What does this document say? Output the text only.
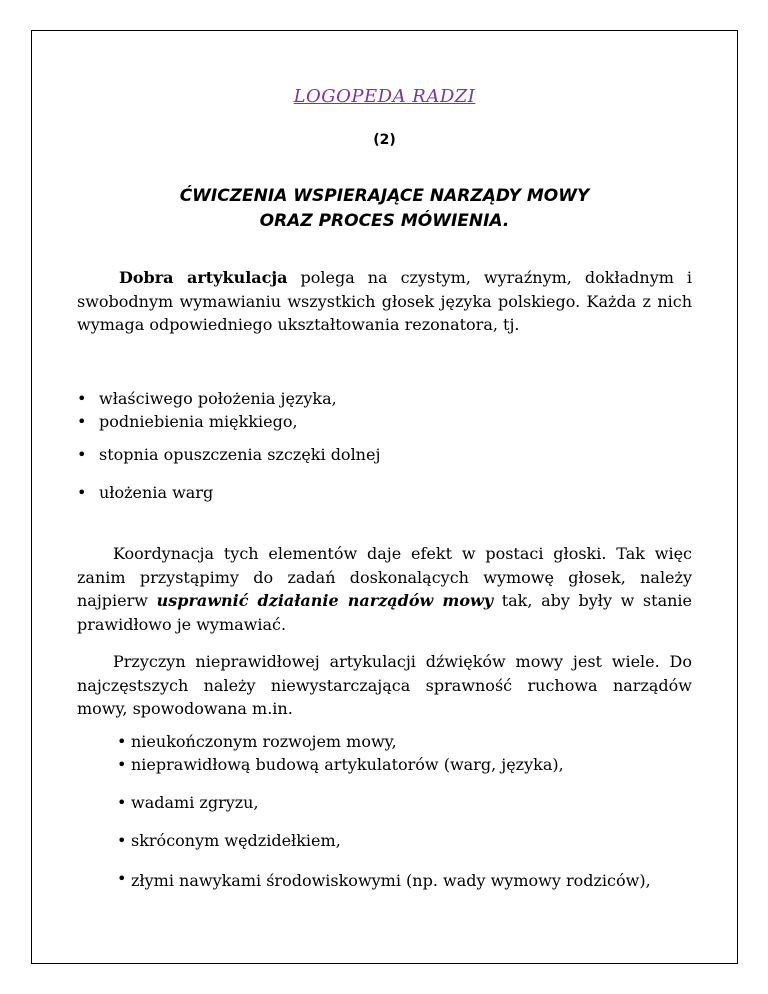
LOGOPEDA RADZI
(2)
ĆWICZENIA WSPIERAJĄCE NARZĄDY MOWY
ORAZ PROCES MÓWIENIA.
Dobra artykulacja polega na czystym, wyraźnym, dokładnym i swobodnym wymawianiu wszystkich głosek języka polskiego. Każda z nich wymaga odpowiedniego ukształtowania rezonatora, tj.
• właściwego położenia języka,
• podniebienia miękkiego,
• stopnia opuszczenia szczęki dolnej
• ułożenia warg
Koordynacja tych elementów daje efekt w postaci głoski. Tak więc zanim przystąpimy do zadań doskonalących wymowę głosek, należy najpierw usprawnić działanie narządów mowy tak, aby były w stanie prawidłowo je wymawiać.
Przyczyn nieprawidłowej artykulacji dźwięków mowy jest wiele. Do najczęstszych należy niewystarczająca sprawność ruchowa narządów mowy, spowodowana m.in.
• nieukończonym rozwojem mowy,
• nieprawidłową budową artykulatorów (warg, języka),
• wadami zgryzu,
• skróconym wędzidełkiem,
• złymi nawykami środowiskowymi (np. wady wymowy rodziców),
